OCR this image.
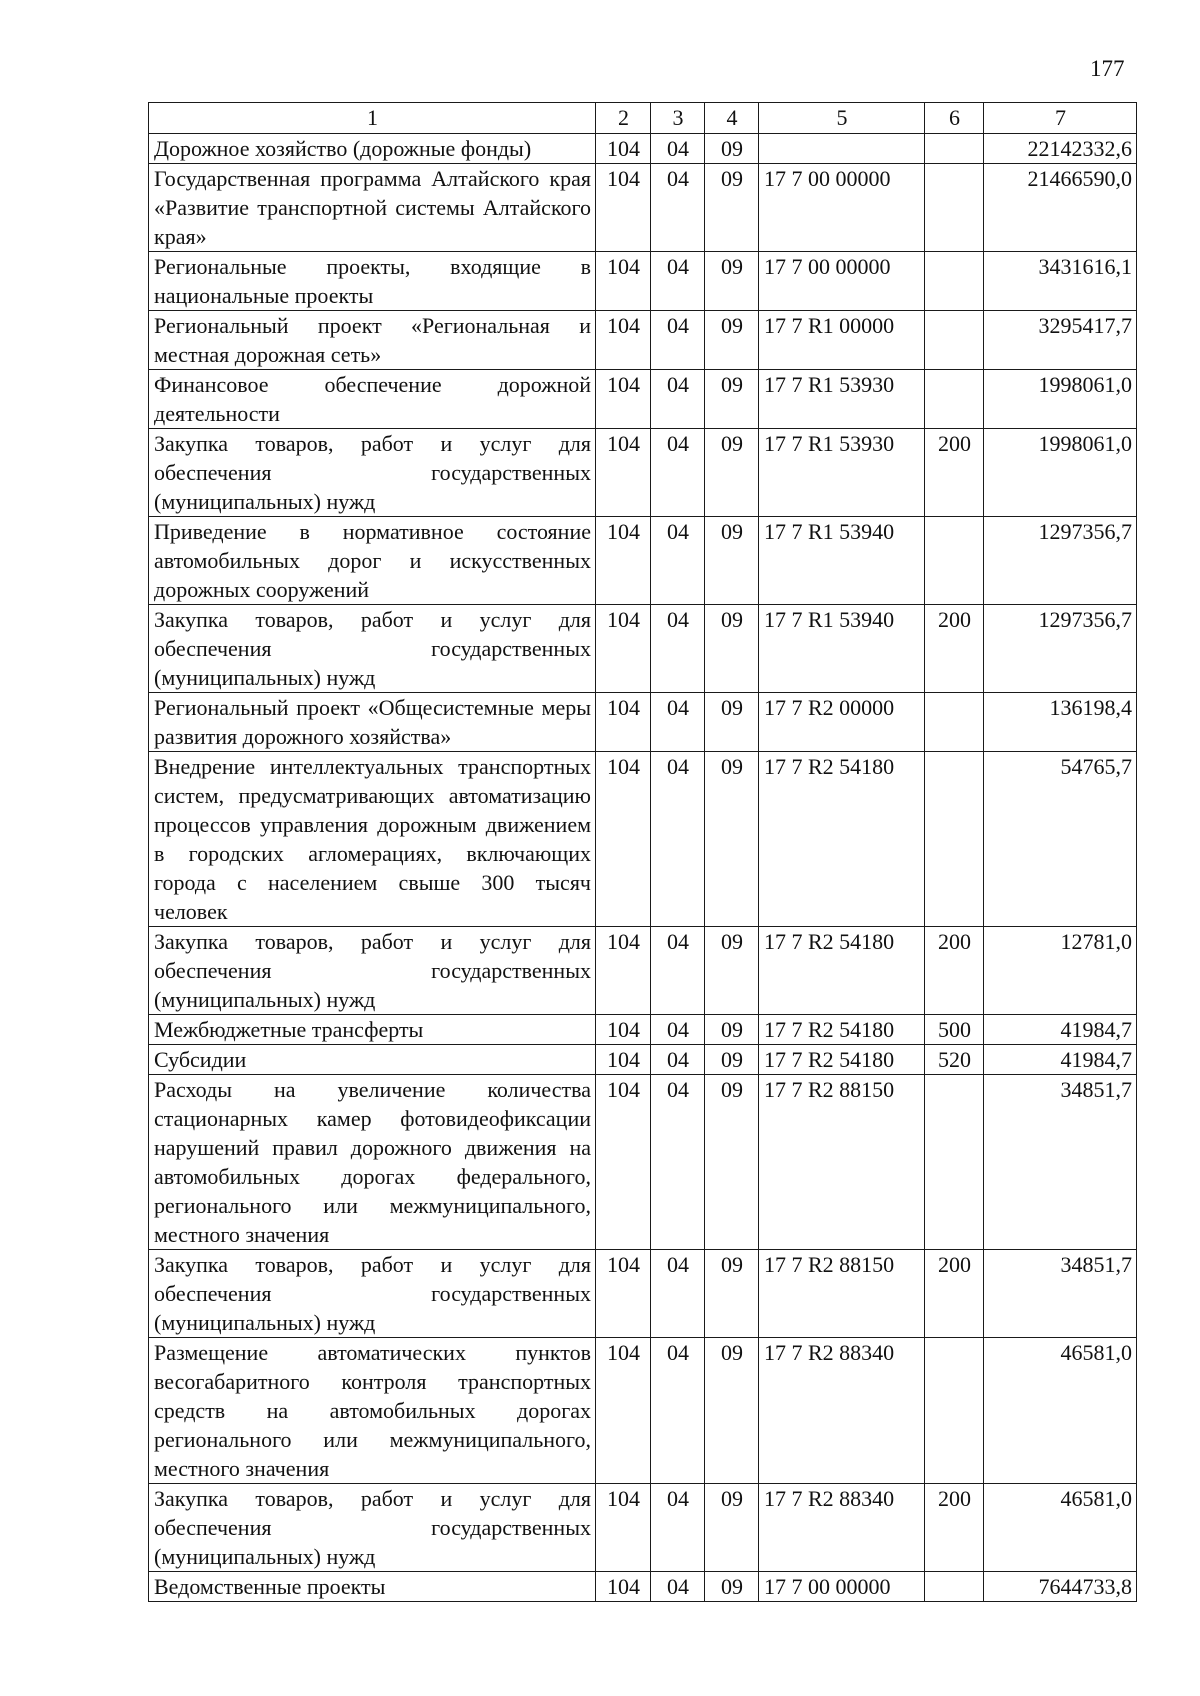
177
1	2	3	4	5	6	7
Дорожное хозяйство (дорожные фонды)	104	04	09			22142332,6
Государственная программа Алтайского края «Развитие транспортной системы Алтайского края»	104	04	09	17 7 00 00000		21466590,0
Региональные проекты, входящие в национальные проекты	104	04	09	17 7 00 00000		3431616,1
Региональный проект «Региональная и местная дорожная сеть»	104	04	09	17 7 R1 00000		3295417,7
Финансовое обеспечение дорожной деятельности	104	04	09	17 7 R1 53930		1998061,0
Закупка товаров, работ и услуг для обеспечения государственных (муниципальных) нужд	104	04	09	17 7 R1 53930	200	1998061,0
Приведение в нормативное состояние автомобильных дорог и искусственных дорожных сооружений	104	04	09	17 7 R1 53940		1297356,7
Закупка товаров, работ и услуг для обеспечения государственных (муниципальных) нужд	104	04	09	17 7 R1 53940	200	1297356,7
Региональный проект «Общесистемные меры развития дорожного хозяйства»	104	04	09	17 7 R2 00000		136198,4
Внедрение интеллектуальных транспортных систем, предусматривающих автоматизацию процессов управления дорожным движением в городских агломерациях, включающих города с населением свыше 300 тысяч человек	104	04	09	17 7 R2 54180		54765,7
Закупка товаров, работ и услуг для обеспечения государственных (муниципальных) нужд	104	04	09	17 7 R2 54180	200	12781,0
Межбюджетные трансферты	104	04	09	17 7 R2 54180	500	41984,7
Субсидии	104	04	09	17 7 R2 54180	520	41984,7
Расходы на увеличение количества стационарных камер фотовидеофиксации нарушений правил дорожного движения на автомобильных дорогах федерального, регионального или межмуниципального, местного значения	104	04	09	17 7 R2 88150		34851,7
Закупка товаров, работ и услуг для обеспечения государственных (муниципальных) нужд	104	04	09	17 7 R2 88150	200	34851,7
Размещение автоматических пунктов весогабаритного контроля транспортных средств на автомобильных дорогах регионального или межмуниципального, местного значения	104	04	09	17 7 R2 88340		46581,0
Закупка товаров, работ и услуг для обеспечения государственных (муниципальных) нужд	104	04	09	17 7 R2 88340	200	46581,0
Ведомственные проекты	104	04	09	17 7 00 00000		7644733,8
